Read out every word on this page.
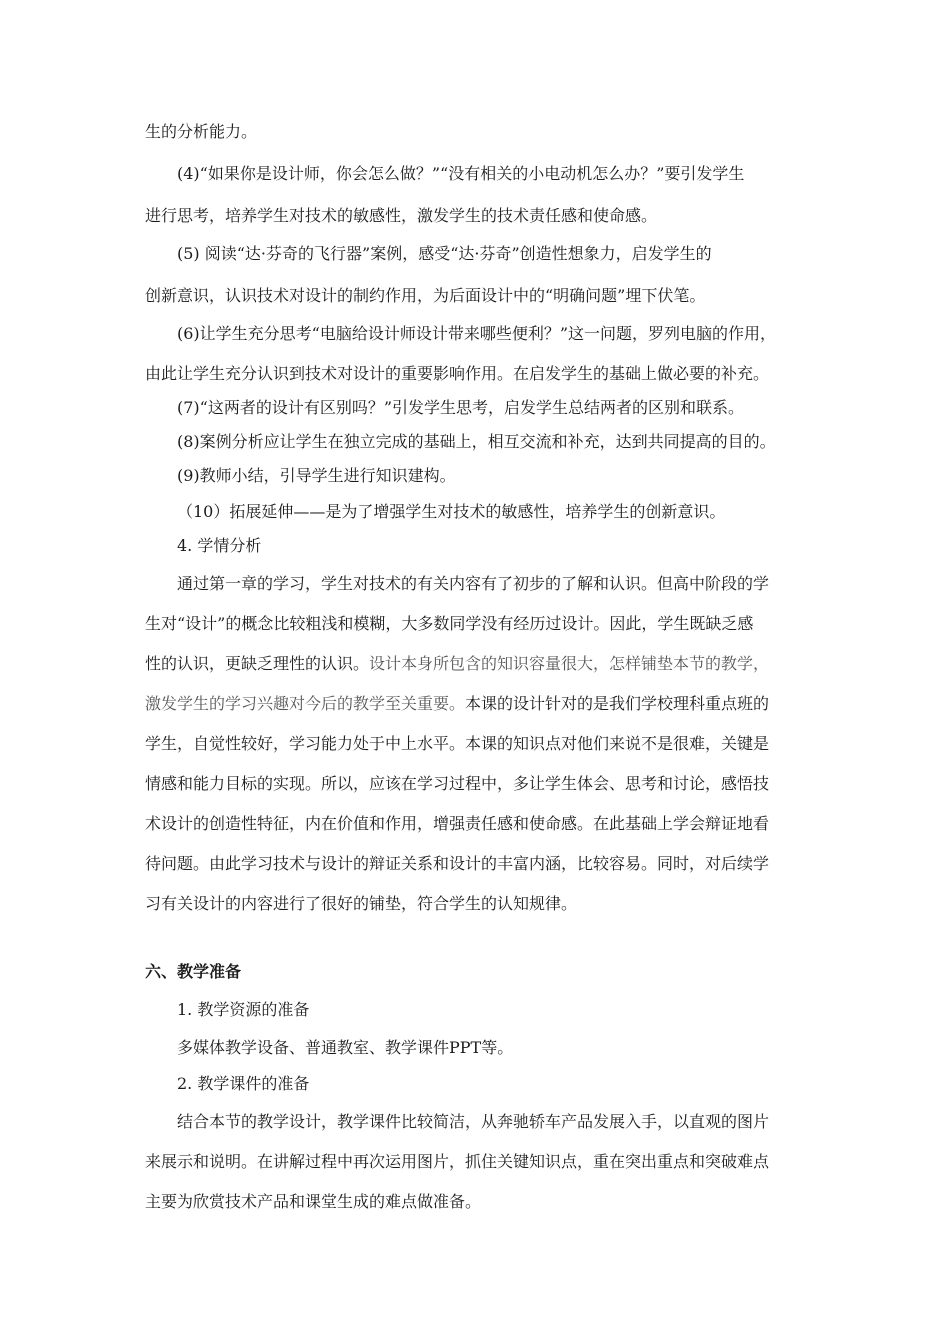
生的分析能力。

(4)“如果你是设计师，你会怎么做？”“没有相关的小电动机怎么办？”要引发学生

进行思考，培养学生对技术的敏感性，激发学生的技术责任感和使命感。

(5) 阅读“达·芬奇的飞行器”案例，感受“达·芬奇”创造性想象力，启发学生的

创新意识，认识技术对设计的制约作用，为后面设计中的“明确问题”埋下伏笔。

(6)让学生充分思考“电脑给设计师设计带来哪些便利？”这一问题，罗列电脑的作用，

由此让学生充分认识到技术对设计的重要影响作用。在启发学生的基础上做必要的补充。

(7)“这两者的设计有区别吗？”引发学生思考，启发学生总结两者的区别和联系。

(8)案例分析应让学生在独立完成的基础上，相互交流和补充，达到共同提高的目的。

(9)教师小结，引导学生进行知识建构。

（10）拓展延伸——是为了增强学生对技术的敏感性，培养学生的创新意识。

4. 学情分析

通过第一章的学习，学生对技术的有关内容有了初步的了解和认识。但高中阶段的学

生对“设计”的概念比较粗浅和模糊，大多数同学没有经历过设计。因此，学生既缺乏感

性的认识，更缺乏理性的认识。设计本身所包含的知识容量很大，怎样铺垫本节的教学，

激发学生的学习兴趣对今后的教学至关重要。本课的设计针对的是我们学校理科重点班的

学生，自觉性较好，学习能力处于中上水平。本课的知识点对他们来说不是很难，关键是

情感和能力目标的实现。所以，应该在学习过程中，多让学生体会、思考和讨论，感悟技

术设计的创造性特征，内在价值和作用，增强责任感和使命感。在此基础上学会辩证地看

待问题。由此学习技术与设计的辩证关系和设计的丰富内涵，比较容易。同时，对后续学

习有关设计的内容进行了很好的铺垫，符合学生的认知规律。

六、教学准备

1. 教学资源的准备

多媒体教学设备、普通教室、教学课件PPT等。

2. 教学课件的准备

结合本节的教学设计，教学课件比较简洁，从奔驰轿车产品发展入手，以直观的图片

来展示和说明。在讲解过程中再次运用图片，抓住关键知识点，重在突出重点和突破难点

主要为欣赏技术产品和课堂生成的难点做准备。
